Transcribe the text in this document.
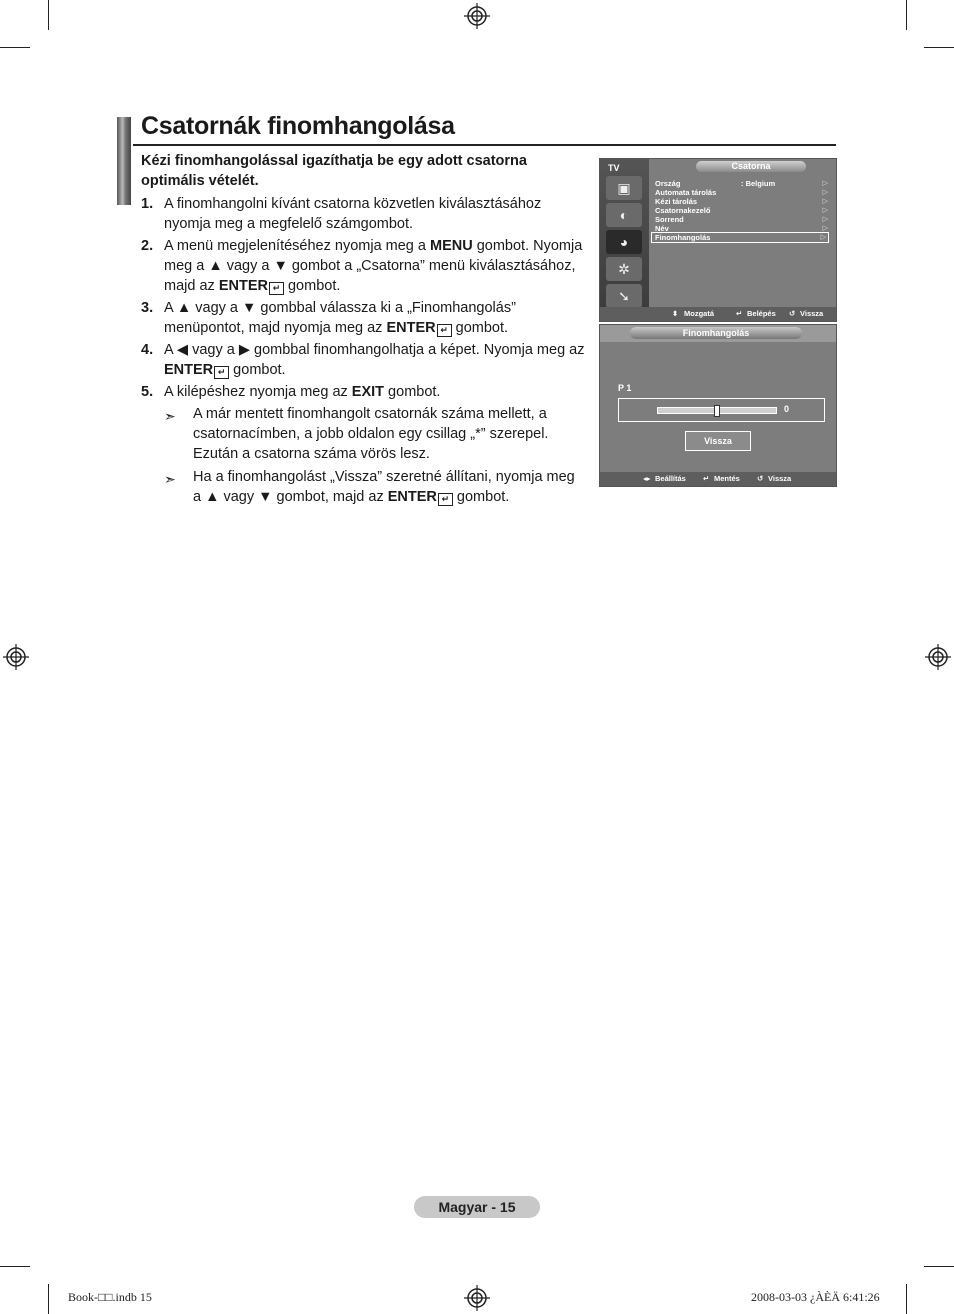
Csatornák finomhangolása
Kézi finomhangolással igazíthatja be egy adott csatorna optimális vételét.
1. A finomhangolni kívánt csatorna közvetlen kiválasztásához nyomja meg a megfelelő számgombot.
2. A menü megjelenítéséhez nyomja meg a MENU gombot. Nyomja meg a ▲ vagy a ▼ gombot a „Csatorna” menü kiválasztásához, majd az ENTER ↵ gombot.
3. A ▲ vagy a ▼ gombbal válassza ki a „Finomhangolás” menüpontot, majd nyomja meg az ENTER ↵ gombot.
4. A ◀ vagy a ▶ gombbal finomhangolhatja a képet. Nyomja meg az ENTER ↵ gombot.
5. A kilépéshez nyomja meg az EXIT gombot.
➣ A már mentett finomhangolt csatornák száma mellett, a csatornacímben, a jobb oldalon egy csillag „*” szerepel. Ezután a csatorna száma vörös lesz.
➣ Ha a finomhangolást „Vissza” szeretné állítani, nyomja meg a ▲ vagy ▼ gombot, majd az ENTER ↵ gombot.
TV
▣
◐
◕
✲
➘
Csatorna
Ország	: Belgium	▷
Automata tárolás	▷
Kézi tárolás	▷
Csatornakezelő	▷
Sorrend	▷
Név	▷
Finomhangolás	▷
⬍ Mozgatá	↵ Belépés ↺ Vissza
Finomhangolás
P 1
0
Vissza
◂▸ Beállítás ↵ Mentés ↺ Vissza
Magyar - 15
Book-□□.indb 15	2008-03-03 ¿ÀÈÄ 6:41:26
